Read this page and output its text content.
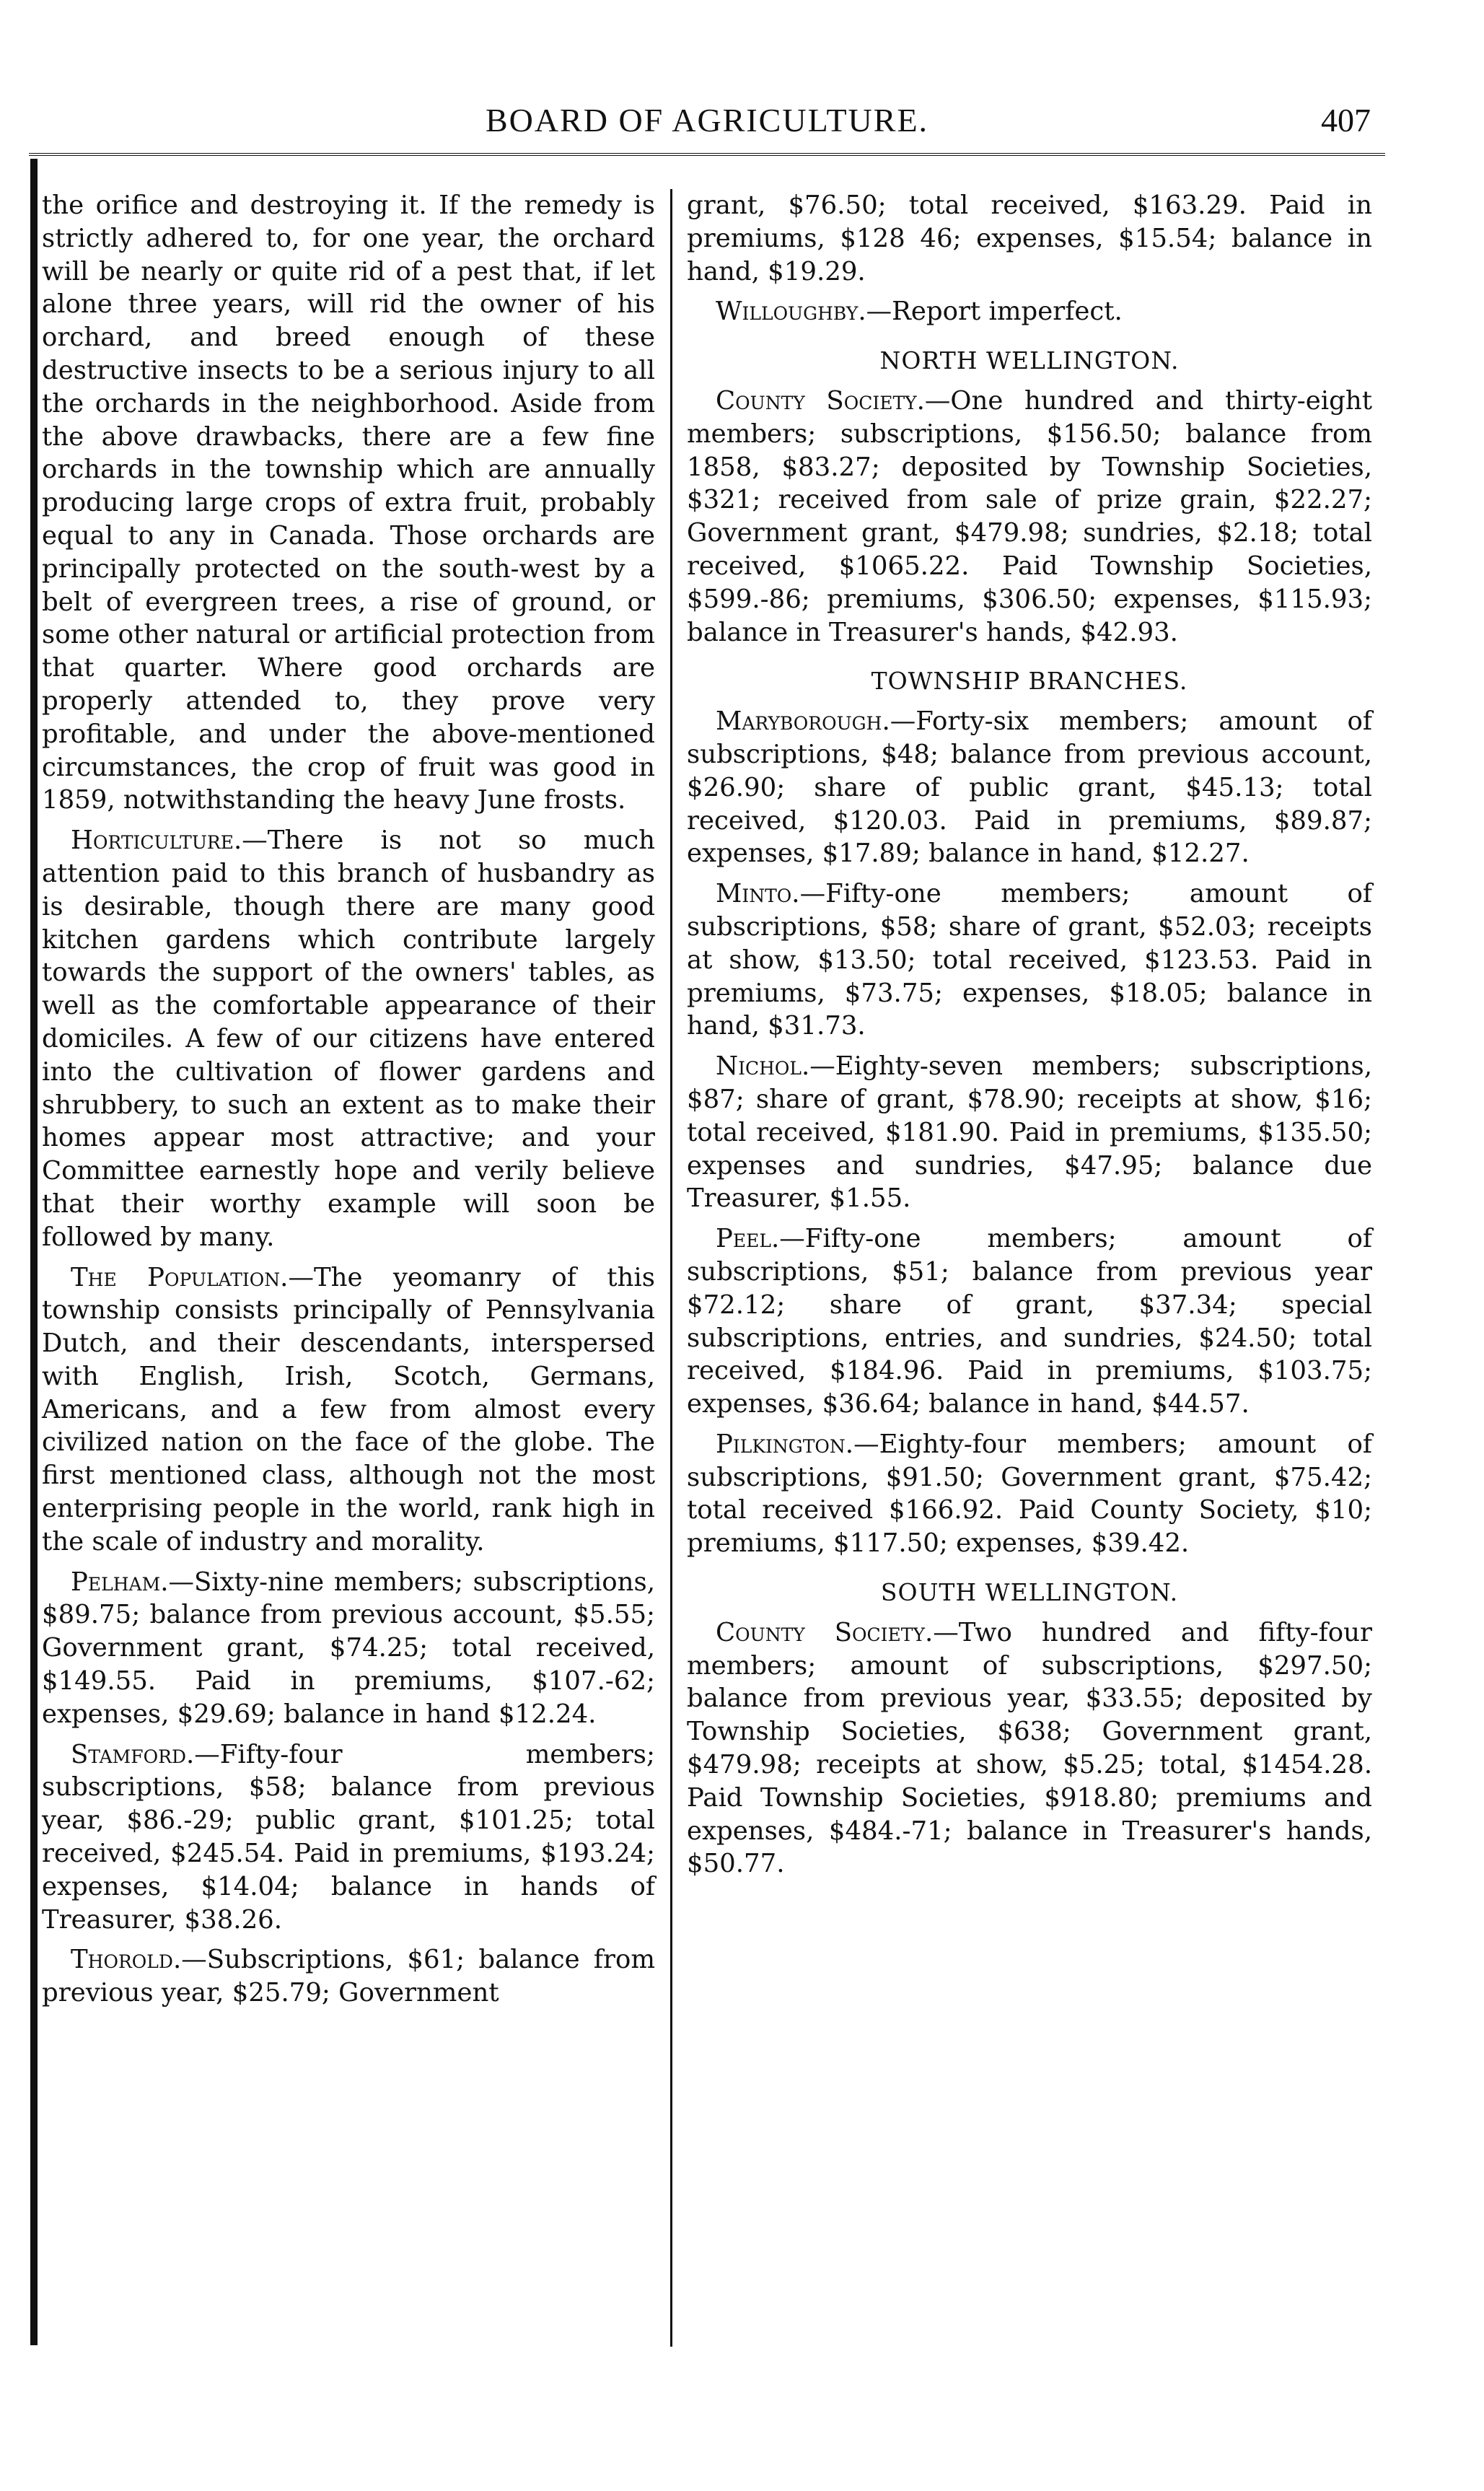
BOARD OF AGRICULTURE.	407

the orifice and destroying it. If the remedy is strictly adhered to, for one year, the orchard will be nearly or quite rid of a pest that, if let alone three years, will rid the owner of his orchard, and breed enough of these destructive insects to be a serious injury to all the orchards in the neighborhood. Aside from the above drawbacks, there are a few fine orchards in the township which are annually producing large crops of extra fruit, probably equal to any in Canada. Those orchards are principally protected on the south-west by a belt of evergreen trees, a rise of ground, or some other natural or artificial protection from that quarter. Where good orchards are properly attended to, they prove very profitable, and under the above-mentioned circumstances, the crop of fruit was good in 1859, notwithstanding the heavy June frosts.

Horticulture.—There is not so much attention paid to this branch of husbandry as is desirable, though there are many good kitchen gardens which contribute largely towards the support of the owners' tables, as well as the comfortable appearance of their domiciles. A few of our citizens have entered into the cultivation of flower gardens and shrubbery, to such an extent as to make their homes appear most attractive; and your Committee earnestly hope and verily believe that their worthy example will soon be followed by many.

The Population.—The yeomanry of this township consists principally of Pennsylvania Dutch, and their descendants, interspersed with English, Irish, Scotch, Germans, Americans, and a few from almost every civilized nation on the face of the globe. The first mentioned class, although not the most enterprising people in the world, rank high in the scale of industry and morality.

Pelham.—Sixty-nine members; subscriptions, $89.75; balance from previous account, $5.55; Government grant, $74.25; total received, $149.55. Paid in premiums, $107.-62; expenses, $29.69; balance in hand $12.24.

Stamford.—Fifty-four members; subscriptions, $58; balance from previous year, $86.-29; public grant, $101.25; total received, $245.54. Paid in premiums, $193.24; expenses, $14.04; balance in hands of Treasurer, $38.26.

Thorold.—Subscriptions, $61; balance from previous year, $25.79; Government

grant, $76.50; total received, $163.29. Paid in premiums, $128 46; expenses, $15.54; balance in hand, $19.29.

Willoughby.—Report imperfect.

NORTH WELLINGTON.

County Society.—One hundred and thirty-eight members; subscriptions, $156.50; balance from 1858, $83.27; deposited by Township Societies, $321; received from sale of prize grain, $22.27; Government grant, $479.98; sundries, $2.18; total received, $1065.22. Paid Township Societies, $599.-86; premiums, $306.50; expenses, $115.93; balance in Treasurer's hands, $42.93.

TOWNSHIP BRANCHES.

Maryborough.—Forty-six members; amount of subscriptions, $48; balance from previous account, $26.90; share of public grant, $45.13; total received, $120.03. Paid in premiums, $89.87; expenses, $17.89; balance in hand, $12.27.

Minto.—Fifty-one members; amount of subscriptions, $58; share of grant, $52.03; receipts at show, $13.50; total received, $123.53. Paid in premiums, $73.75; expenses, $18.05; balance in hand, $31.73.

Nichol.—Eighty-seven members; subscriptions, $87; share of grant, $78.90; receipts at show, $16; total received, $181.90. Paid in premiums, $135.50; expenses and sundries, $47.95; balance due Treasurer, $1.55.

Peel.—Fifty-one members; amount of subscriptions, $51; balance from previous year $72.12; share of grant, $37.34; special subscriptions, entries, and sundries, $24.50; total received, $184.96. Paid in premiums, $103.75; expenses, $36.64; balance in hand, $44.57.

Pilkington.—Eighty-four members; amount of subscriptions, $91.50; Government grant, $75.42; total received $166.92. Paid County Society, $10; premiums, $117.50; expenses, $39.42.

SOUTH WELLINGTON.

County Society.—Two hundred and fifty-four members; amount of subscriptions, $297.50; balance from previous year, $33.55; deposited by Township Societies, $638; Government grant, $479.98; receipts at show, $5.25; total, $1454.28. Paid Township Societies, $918.80; premiums and expenses, $484.-71; balance in Treasurer's hands, $50.77.
